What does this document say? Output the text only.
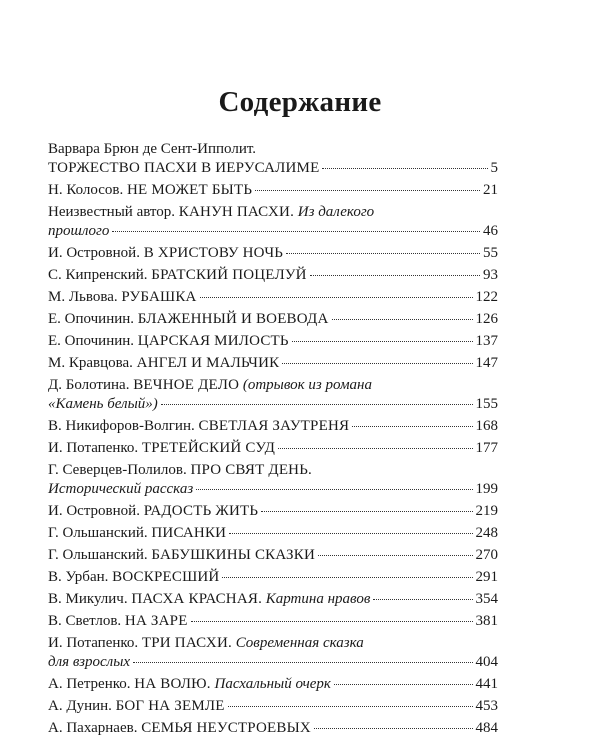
Содержание
Варвара Брюн де Сент-Ипполит.
ТОРЖЕСТВО ПАСХИ В ИЕРУСАЛИМЕ	5
Н. Колосов. НЕ МОЖЕТ БЫТЬ	21
Неизвестный автор. КАНУН ПАСХИ. Из далекого
прошлого	46
И. Островной. В ХРИСТОВУ НОЧЬ	55
С. Кипренский. БРАТСКИЙ ПОЦЕЛУЙ	93
М. Львова. РУБАШКА	122
Е. Опочинин. БЛАЖЕННЫЙ И ВОЕВОДА	126
Е. Опочинин. ЦАРСКАЯ МИЛОСТЬ	137
М. Кравцова. АНГЕЛ И МАЛЬЧИК	147
Д. Болотина. ВЕЧНОЕ ДЕЛО (отрывок из романа
«Камень белый»)	155
В. Никифоров-Волгин. СВЕТЛАЯ ЗАУТРЕНЯ	168
И. Потапенко. ТРЕТЕЙСКИЙ СУД	177
Г. Северцев-Полилов. ПРО СВЯТ ДЕНЬ.
Исторический рассказ	199
И. Островной. РАДОСТЬ ЖИТЬ	219
Г. Ольшанский. ПИСАНКИ	248
Г. Ольшанский. БАБУШКИНЫ СКАЗКИ	270
В. Урбан. ВОСКРЕСШИЙ	291
В. Микулич. ПАСХА КРАСНАЯ. Картина нравов	354
В. Светлов. НА ЗАРЕ	381
И. Потапенко. ТРИ ПАСХИ. Современная сказка
для взрослых	404
А. Петренко. НА ВОЛЮ. Пасхальный очерк	441
А. Дунин. БОГ НА ЗЕМЛЕ	453
А. Пахарнаев. СЕМЬЯ НЕУСТРОЕВЫХ	484
